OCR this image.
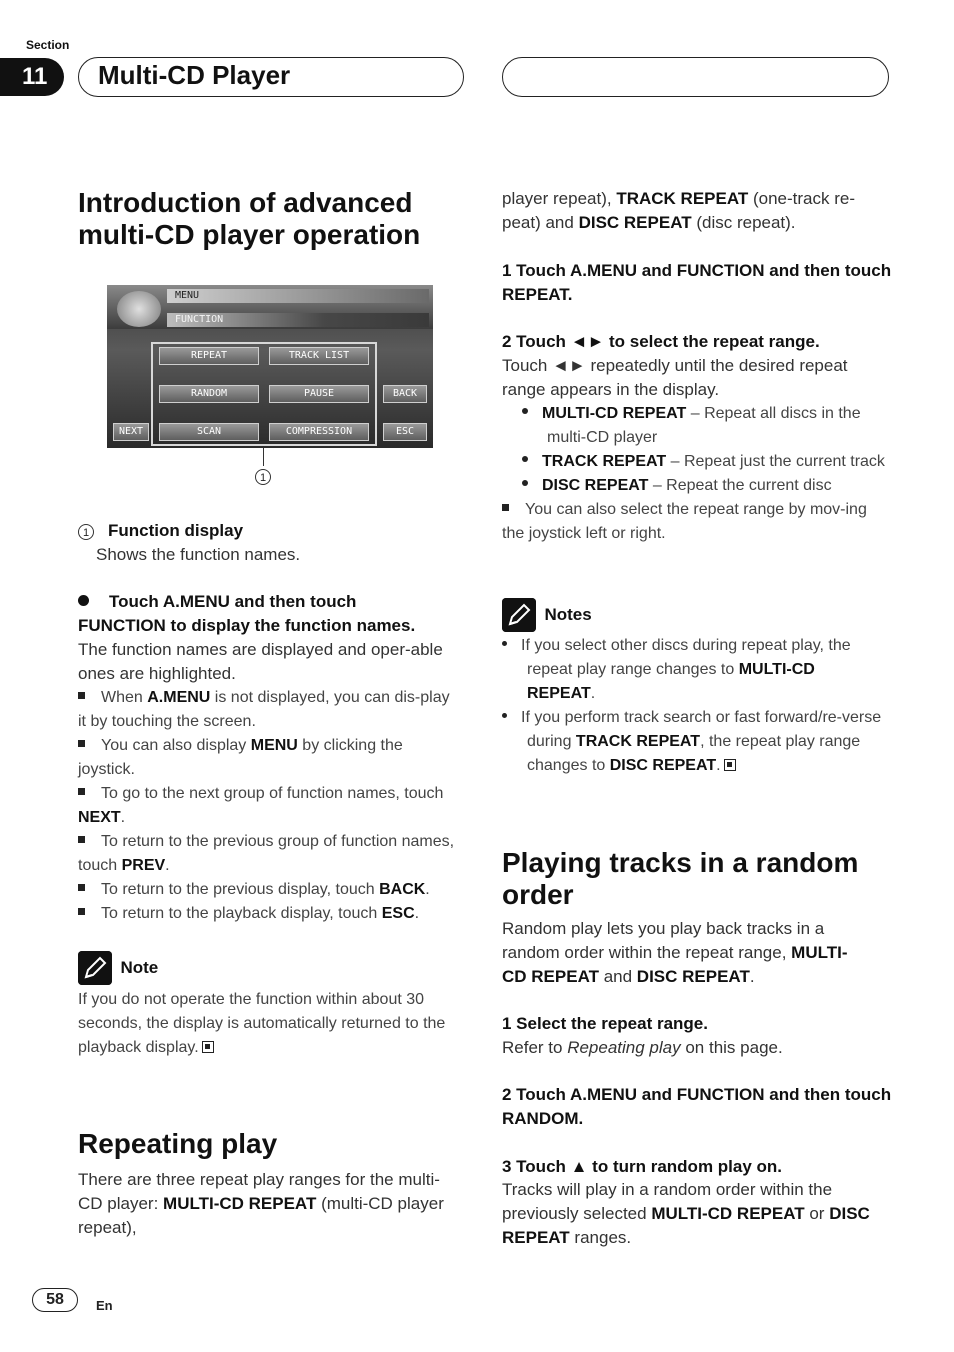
Section
11	Multi-CD Player
Introduction of advanced
multi-CD player operation
MENU
FUNCTION
REPEAT	TRACK LIST
RANDOM	PAUSE	BACK
NEXT	SCAN	COMPRESSION	ESC
1
1 Function display
Shows the function names.
Touch A.MENU and then touch
FUNCTION to display the function names.
The function names are displayed and oper-able ones are highlighted.
When A.MENU is not displayed, you can dis-play it by touching the screen.
You can also display MENU by clicking the joystick.
To go to the next group of function names, touch NEXT.
To return to the previous group of function names, touch PREV.
To return to the previous display, touch BACK.
To return to the playback display, touch ESC.
Note
If you do not operate the function within about 30 seconds, the display is automatically returned to the playback display.
Repeating play
There are three repeat play ranges for the multi-CD player: MULTI-CD REPEAT (multi-CD player repeat),
player repeat), TRACK REPEAT (one-track re-peat) and DISC REPEAT (disc repeat).
1 Touch A.MENU and FUNCTION and then touch REPEAT.
2 Touch ◄► to select the repeat range.
Touch ◄► repeatedly until the desired repeat range appears in the display.
MULTI-CD REPEAT – Repeat all discs in the multi-CD player
TRACK REPEAT – Repeat just the current track
DISC REPEAT – Repeat the current disc
You can also select the repeat range by mov-ing the joystick left or right.
Notes
If you select other discs during repeat play, the repeat play range changes to MULTI-CD REPEAT.
If you perform track search or fast forward/re-verse during TRACK REPEAT, the repeat play range changes to DISC REPEAT.
Playing tracks in a random
order
Random play lets you play back tracks in a random order within the repeat range, MULTI-CD REPEAT and DISC REPEAT.
1 Select the repeat range.
Refer to Repeating play on this page.
2 Touch A.MENU and FUNCTION and then touch RANDOM.
3 Touch ▲ to turn random play on.
Tracks will play in a random order within the previously selected MULTI-CD REPEAT or DISC REPEAT ranges.
58	En
